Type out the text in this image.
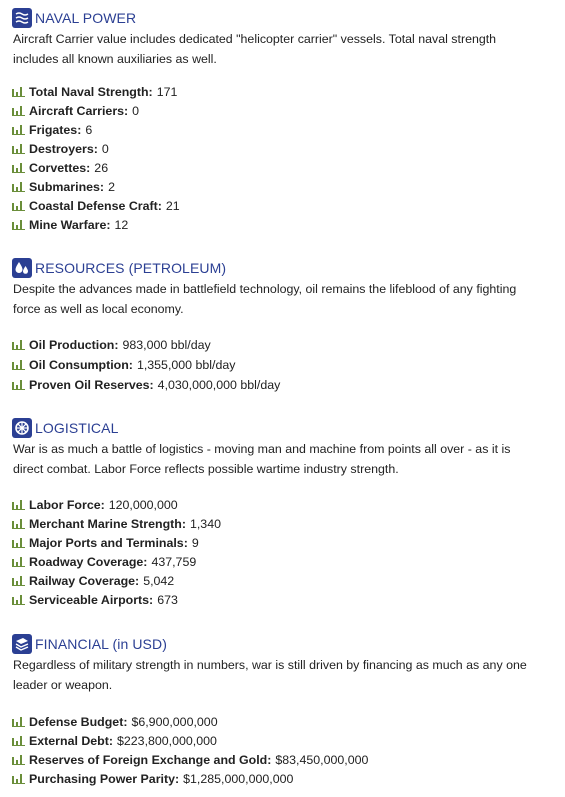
NAVAL POWER
Aircraft Carrier value includes dedicated "helicopter carrier" vessels. Total naval strength includes all known auxiliaries as well.
Total Naval Strength: 171
Aircraft Carriers: 0
Frigates: 6
Destroyers: 0
Corvettes: 26
Submarines: 2
Coastal Defense Craft: 21
Mine Warfare: 12
RESOURCES (PETROLEUM)
Despite the advances made in battlefield technology, oil remains the lifeblood of any fighting force as well as local economy.
Oil Production: 983,000 bbl/day
Oil Consumption: 1,355,000 bbl/day
Proven Oil Reserves: 4,030,000,000 bbl/day
LOGISTICAL
War is as much a battle of logistics - moving man and machine from points all over - as it is direct combat. Labor Force reflects possible wartime industry strength.
Labor Force: 120,000,000
Merchant Marine Strength: 1,340
Major Ports and Terminals: 9
Roadway Coverage: 437,759
Railway Coverage: 5,042
Serviceable Airports: 673
FINANCIAL (in USD)
Regardless of military strength in numbers, war is still driven by financing as much as any one leader or weapon.
Defense Budget: $6,900,000,000
External Debt: $223,800,000,000
Reserves of Foreign Exchange and Gold: $83,450,000,000
Purchasing Power Parity: $1,285,000,000,000
